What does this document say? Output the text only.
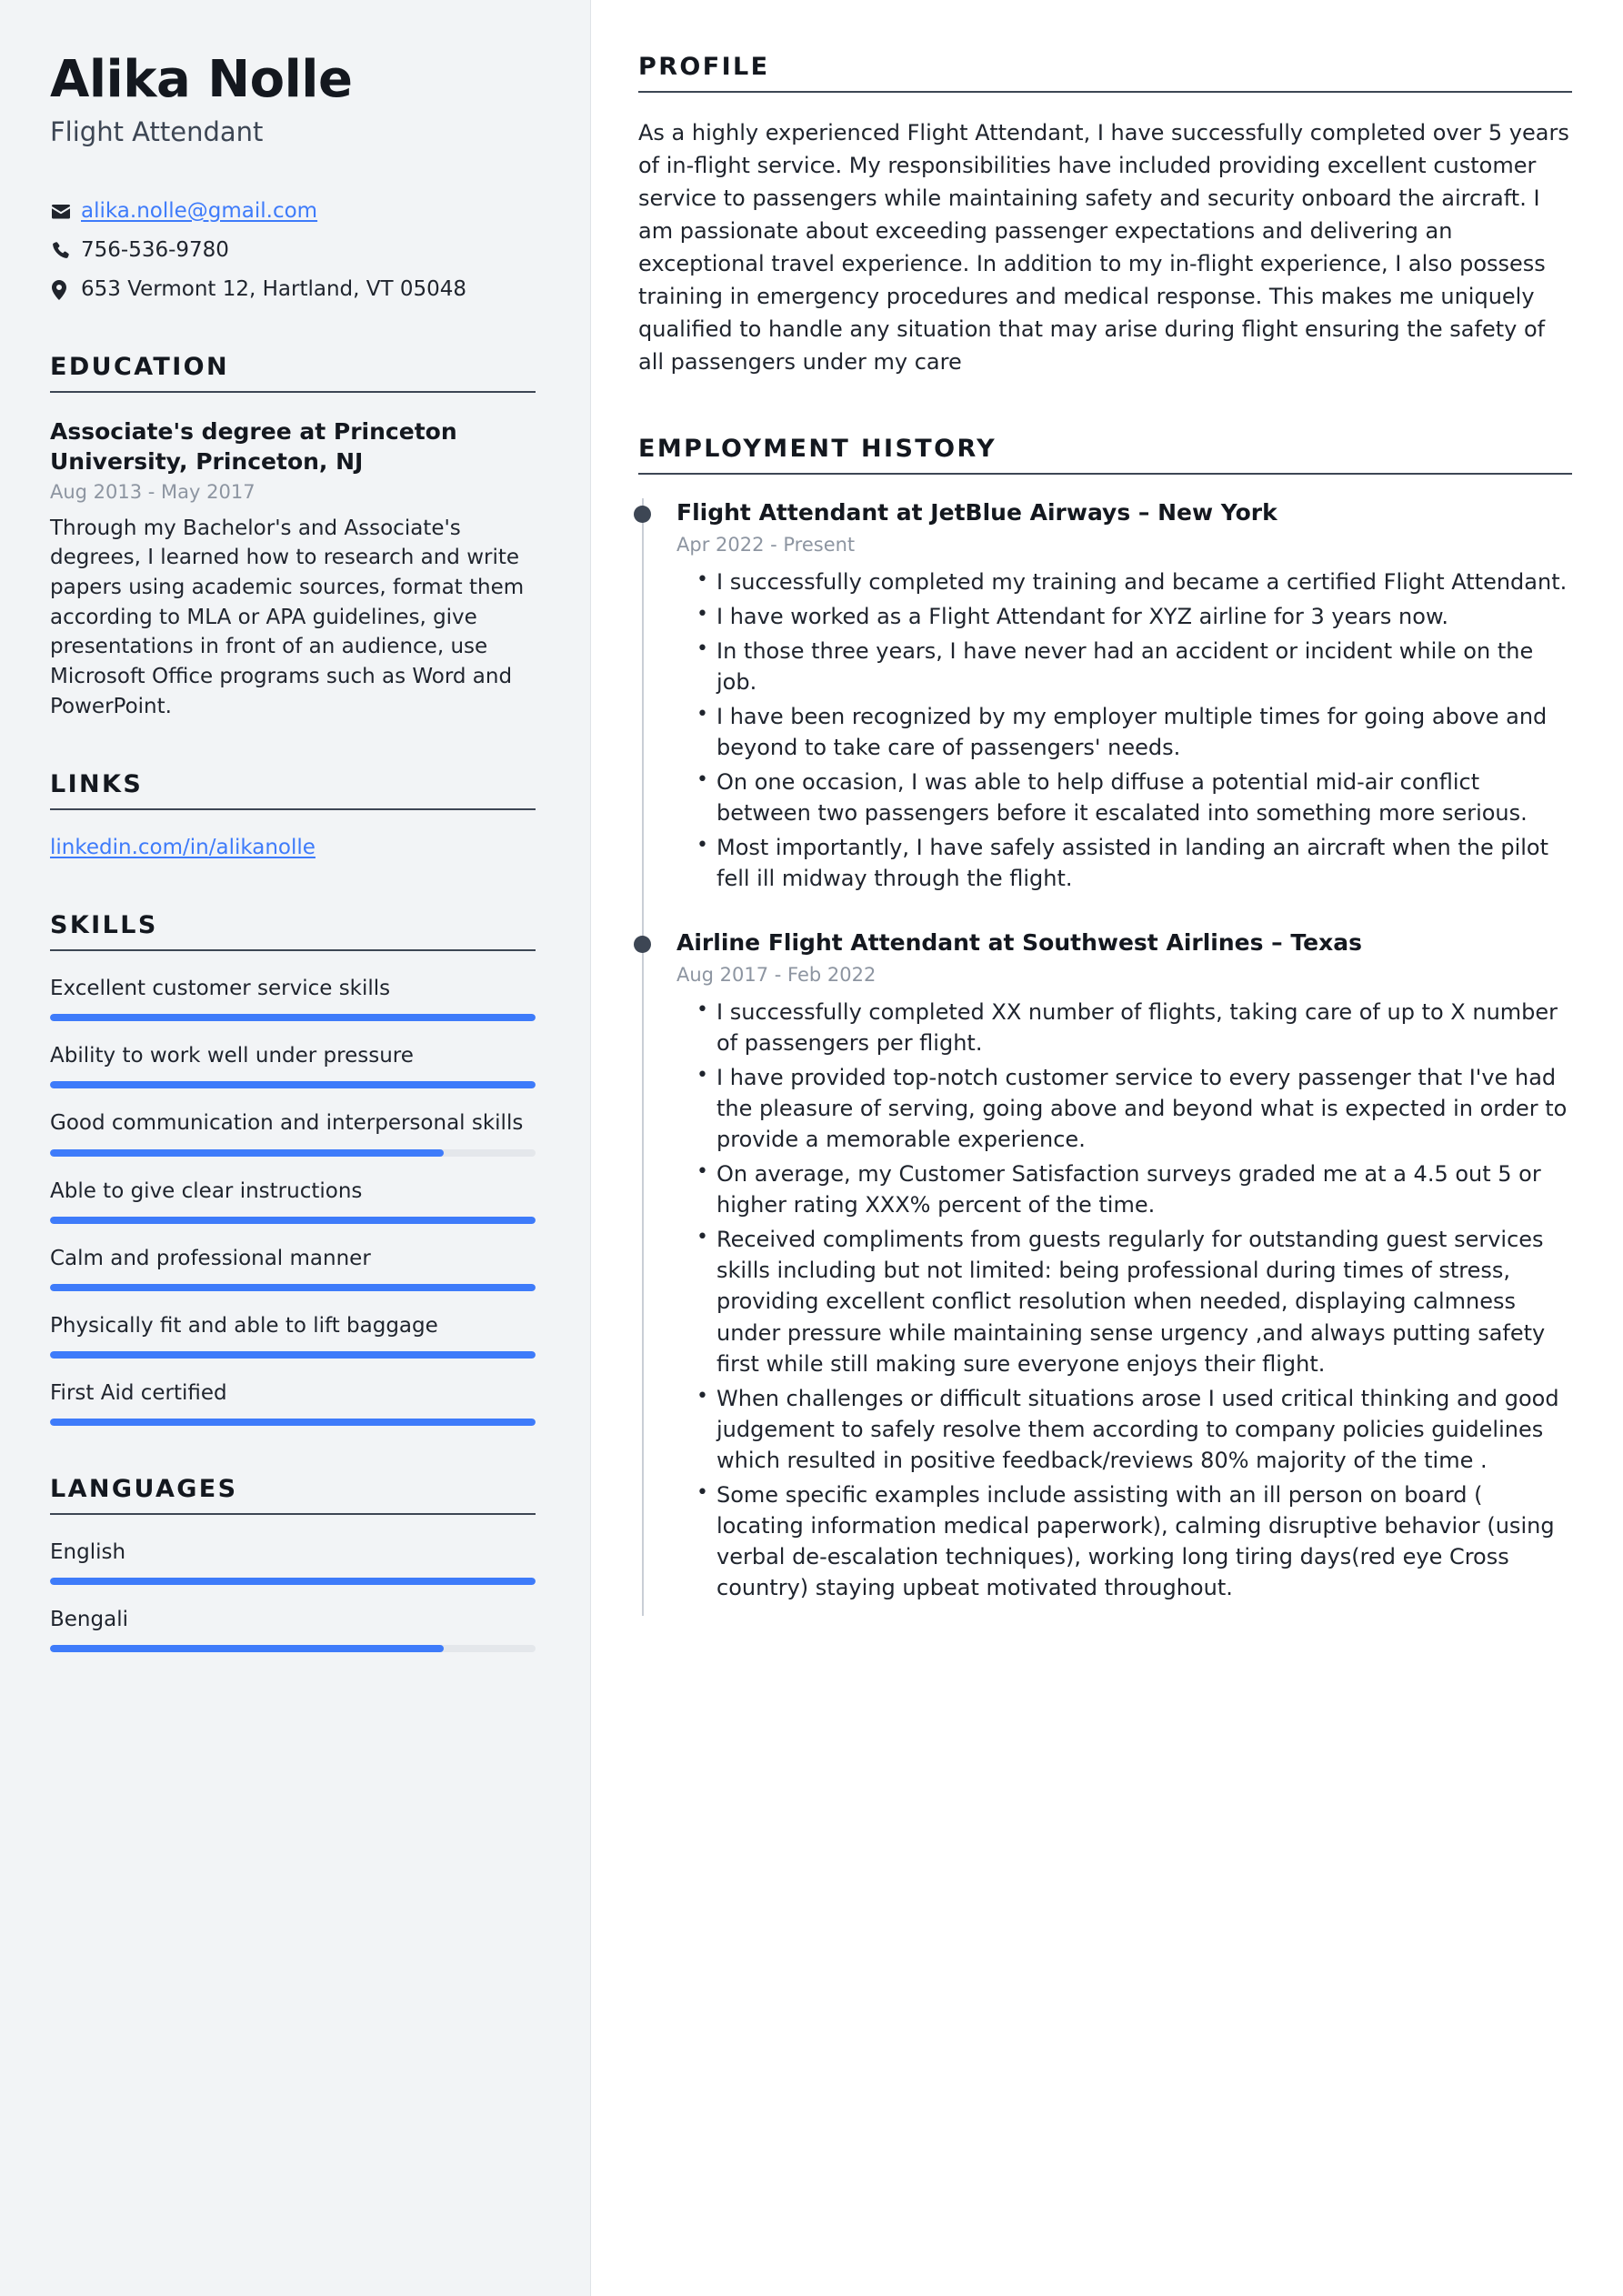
Alika Nolle
Flight Attendant
alika.nolle@gmail.com
756-536-9780
653 Vermont 12, Hartland, VT 05048
EDUCATION
Associate's degree at Princeton University, Princeton, NJ
Aug 2013 - May 2017
Through my Bachelor's and Associate's degrees, I learned how to research and write papers using academic sources, format them according to MLA or APA guidelines, give presentations in front of an audience, use Microsoft Office programs such as Word and PowerPoint.
LINKS
linkedin.com/in/alikanolle
SKILLS
Excellent customer service skills
Ability to work well under pressure
Good communication and interpersonal skills
Able to give clear instructions
Calm and professional manner
Physically fit and able to lift baggage
First Aid certified
LANGUAGES
English
Bengali
PROFILE

As a highly experienced Flight Attendant, I have successfully completed over 5 years of in-flight service. My responsibilities have included providing excellent customer service to passengers while maintaining safety and security onboard the aircraft. I am passionate about exceeding passenger expectations and delivering an exceptional travel experience. In addition to my in-flight experience, I also possess training in emergency procedures and medical response. This makes me uniquely qualified to handle any situation that may arise during flight ensuring the safety of all passengers under my care

EMPLOYMENT HISTORY
Flight Attendant at JetBlue Airways – New York
Apr 2022 - Present
• I successfully completed my training and became a certified Flight Attendant.
• I have worked as a Flight Attendant for XYZ airline for 3 years now.
• In those three years, I have never had an accident or incident while on the job.
• I have been recognized by my employer multiple times for going above and beyond to take care of passengers' needs.
• On one occasion, I was able to help diffuse a potential mid-air conflict between two passengers before it escalated into something more serious.
• Most importantly, I have safely assisted in landing an aircraft when the pilot fell ill midway through the flight.
Airline Flight Attendant at Southwest Airlines – Texas
Aug 2017 - Feb 2022
• I successfully completed XX number of flights, taking care of up to X number of passengers per flight.
• I have provided top-notch customer service to every passenger that I've had the pleasure of serving, going above and beyond what is expected in order to provide a memorable experience.
• On average, my Customer Satisfaction surveys graded me at a 4.5 out 5 or higher rating XXX% percent of the time.
• Received compliments from guests regularly for outstanding guest services skills including but not limited: being professional during times of stress, providing excellent conflict resolution when needed, displaying calmness under pressure while maintaining sense urgency ,and always putting safety first while still making sure everyone enjoys their flight.
• When challenges or difficult situations arose I used critical thinking and good judgement to safely resolve them according to company policies guidelines which resulted in positive feedback/reviews 80% majority of the time .
• Some specific examples include assisting with an ill person on board ( locating information medical paperwork), calming disruptive behavior (using verbal de-escalation techniques), working long tiring days(red eye Cross country) staying upbeat motivated throughout.
